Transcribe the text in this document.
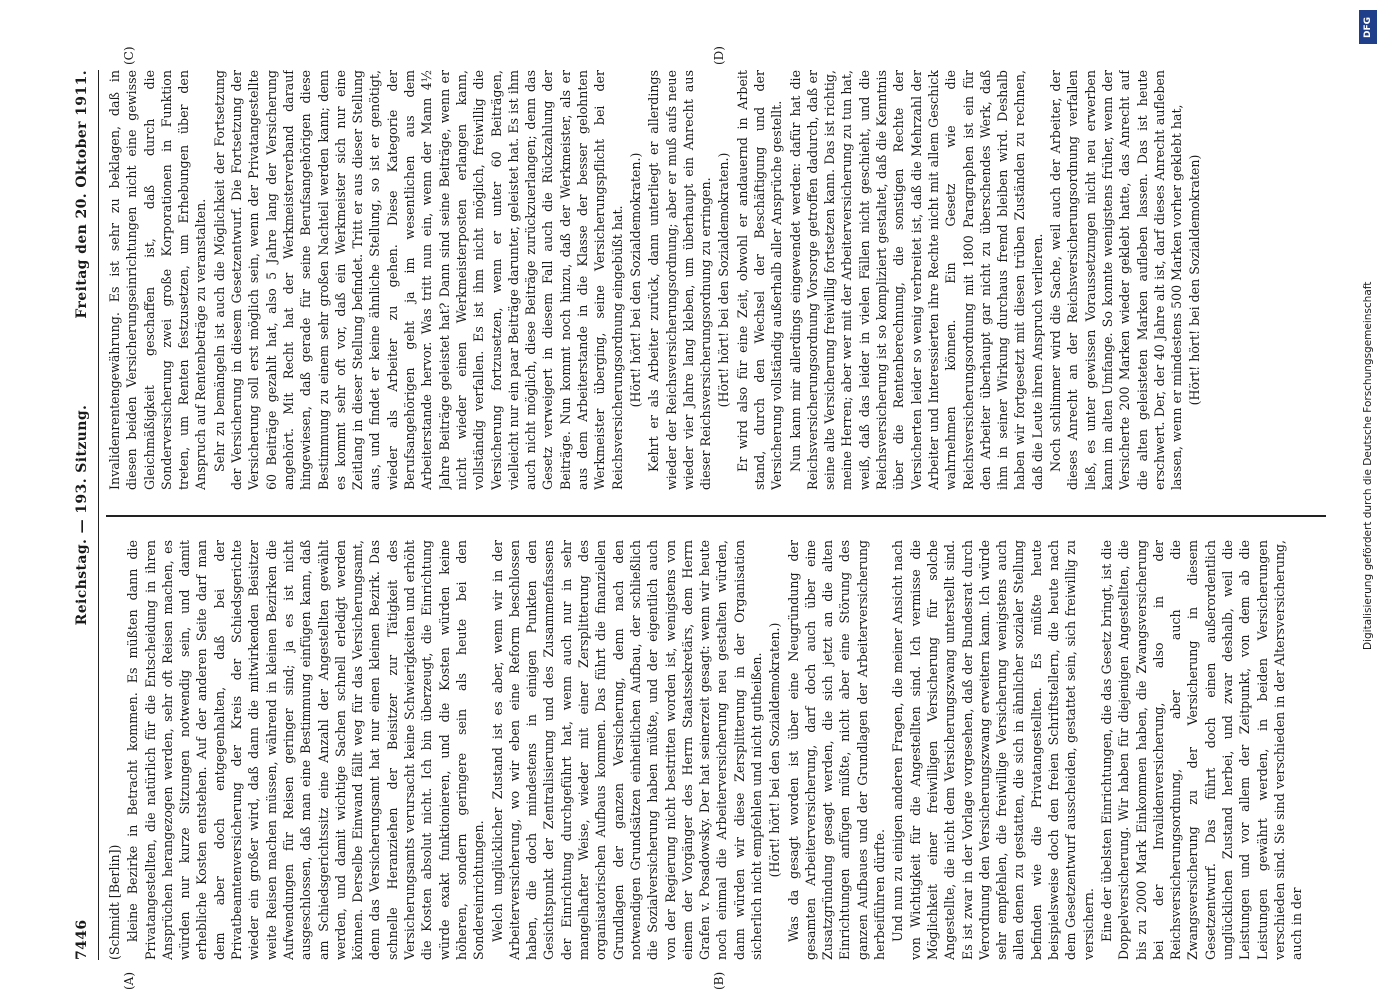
7446
Reichstag. — 193. Sitzung.
Freitag den 20. Oktober 1911.
(A)	(B)
(C)	(D)

(Schmidt [Berlin]) kleine Bezirke in Betracht kommen. Es müßten dann die Privatangestellten, die natürlich für die Entscheidung in ihren Ansprüchen herangezogen werden, sehr oft Reisen machen, es würden nur kurze Sitzungen notwendig sein, und damit erhebliche Kosten entstehen. Auf der anderen Seite darf man dem aber doch entgegenhalten, daß bei der Privatbeamtenversicherung der Kreis der Schiedsgerichte wieder ein großer wird, daß dann die mitwirkenden Beisitzer weite Reisen machen müssen, während in kleinen Bezirken die Aufwendungen für Reisen geringer sind; ja es ist nicht ausgeschlossen, daß man eine Bestimmung einfügen kann, daß am Schiedsgerichtssitz eine Anzahl der Angestellten gewählt werden, und damit wichtige Sachen schnell erledigt werden können. Derselbe Einwand fällt weg für das Versicherungsamt, denn das Versicherungsamt hat nur einen kleinen Bezirk. Das schnelle Heranziehen der Beisitzer zur Tätigkeit des Versicherungsamts verursacht keine Schwierigkeiten und erhöht die Kosten absolut nicht. Ich bin überzeugt, die Einrichtung würde exakt funktionieren, und die Kosten würden keine höheren, sondern geringere sein als heute bei den Sondereinrichtungen. Welch unglücklicher Zustand ist es aber, wenn wir in der Arbeiterversicherung, wo wir eben eine Reform beschlossen haben, die doch mindestens in einigen Punkten den Gesichtspunkt der Zentralisierung und des Zusammenfassens der Einrichtung durchgeführt hat, wenn auch nur in sehr mangelhafter Weise, wieder mit einer Zersplitterung des organisatorischen Aufbaus kommen. Das führt die finanziellen Grundlagen der ganzen Versicherung, denn nach den notwendigen Grundsätzen einheitlichen Aufbau, der schließlich die Sozialversicherung haben müßte, und der eigentlich auch von der Regierung nicht bestritten worden ist, wenigstens von einem der Vorgänger des Herrn Staatssekretärs, dem Herrn Grafen v. Posadowsky. Der hat seinerzeit gesagt: wenn wir heute noch einmal die Arbeiterversicherung neu gestalten würden, dann würden wir diese Zersplitterung in der Organisation sicherlich nicht empfehlen und nicht gutheißen. (Hört! hört! bei den Sozialdemokraten.) Was da gesagt worden ist über eine Neugründung der gesamten Arbeiterversicherung, darf doch auch über eine Zusatzgründung gesagt werden, die sich jetzt an die alten Einrichtungen anfügen müßte, nicht aber eine Störung des ganzen Aufbaues und der Grundlagen der Arbeiterversicherung herbeiführen dürfte. Und nun zu einigen anderen Fragen, die meiner Ansicht nach von Wichtigkeit für die Angestellten sind. Ich vermisse die Möglichkeit einer freiwilligen Versicherung für solche Angestellte, die nicht dem Versicherungszwang unterstellt sind. Es ist zwar in der Vorlage vorgesehen, daß der Bundesrat durch Verordnung den Versicherungszwang erweitern kann. Ich würde sehr empfehlen, die freiwillige Versicherung wenigstens auch allen denen zu gestatten, die sich in ähnlicher sozialer Stellung befinden wie die Privatangestellten. Es müßte heute beispielsweise doch den freien Schriftstellern, die heute nach dem Gesetzentwurf ausscheiden, gestattet sein, sich freiwillig zu versichern. Eine der übelsten Einrichtungen, die das Gesetz bringt, ist die Doppelversicherung. Wir haben für diejenigen Angestellten, die bis zu 2000 Mark Einkommen haben, die Zwangsversicherung bei der Invalidenversicherung, also in der Reichsversicherungsordnung, aber auch die Zwangsversicherung zu der Versicherung in diesem Gesetzentwurf. Das führt doch einen außerordentlich unglücklichen Zustand herbei, und zwar deshalb, weil die Leistungen und vor allem der Zeitpunkt, von dem ab die Leistungen gewährt werden, in beiden Versicherungen verschieden sind. Sie sind verschieden in der Altersversicherung, auch in der

Invalidenrentengewährung. Es ist sehr zu beklagen, daß in diesen beiden Versicherungseinrichtungen nicht eine gewisse Gleichmäßigkeit geschaffen ist, daß durch die Sonderversicherung zwei große Korporationen in Funktion treten, um Renten festzusetzen, um Erhebungen über den Anspruch auf Rentenbeträge zu veranstalten. Sehr zu bemängeln ist auch die Möglichkeit der Fortsetzung der Versicherung in diesem Gesetzentwurf. Die Fortsetzung der Versicherung soll erst möglich sein, wenn der Privatangestellte 60 Beiträge gezahlt hat, also 5 Jahre lang der Versicherung angehört. Mit Recht hat der Werkmeisterverband darauf hingewiesen, daß gerade für seine Berufsangehörigen diese Bestimmung zu einem sehr großen Nachteil werden kann; denn es kommt sehr oft vor, daß ein Werkmeister sich nur eine Zeitlang in dieser Stellung befindet. Tritt er aus dieser Stellung aus, und findet er keine ähnliche Stellung, so ist er genötigt, wieder als Arbeiter zu gehen. Diese Kategorie der Berufsangehörigen geht ja im wesentlichen aus dem Arbeiterstande hervor. Was tritt nun ein, wenn der Mann 4½ Jahre Beiträge geleistet hat? Dann sind seine Beiträge, wenn er nicht wieder einen Werkmeisterposten erlangen kann, vollständig verfallen. Es ist ihm nicht möglich, freiwillig die Versicherung fortzusetzen, wenn er unter 60 Beiträgen, vielleicht nur ein paar Beiträge darunter, geleistet hat. Es ist ihm auch nicht möglich, diese Beiträge zurückzuerlangen; denn das Gesetz verweigert in diesem Fall auch die Rückzahlung der Beiträge. Nun kommt noch hinzu, daß der Werkmeister, als er aus dem Arbeiterstande in die Klasse der besser gelohnten Werkmeister überging, seine Versicherungspflicht bei der Reichsversicherungsordnung eingebüßt hat. (Hört! hört! bei den Sozialdemokraten.) Kehrt er als Arbeiter zurück, dann unterliegt er allerdings wieder der Reichsversicherungsordnung; aber er muß aufs neue wieder vier Jahre lang kleben, um überhaupt ein Anrecht aus dieser Reichsversicherungsordnung zu erringen. (Hört! hört! bei den Sozialdemokraten.) Er wird also für eine Zeit, obwohl er andauernd in Arbeit stand, durch den Wechsel der Beschäftigung und der Versicherung vollständig außerhalb aller Ansprüche gestellt. Nun kann mir allerdings eingewendet werden: dafür hat die Reichsversicherungsordnung Vorsorge getroffen dadurch, daß er seine alte Versicherung freiwillig fortsetzen kann. Das ist richtig, meine Herren; aber wer mit der Arbeiterversicherung zu tun hat, weiß, daß das leider in vielen Fällen nicht geschieht, und die Reichsversicherung ist so kompliziert gestaltet, daß die Kenntnis über die Rentenberechnung, die sonstigen Rechte der Versicherten leider so wenig verbreitet ist, daß die Mehrzahl der Arbeiter und Interessierten ihre Rechte nicht mit allem Geschick wahrnehmen können. Ein Gesetz wie die Reichsversicherungsordnung mit 1800 Paragraphen ist ein für den Arbeiter überhaupt gar nicht zu überschendes Werk, daß ihm in seiner Wirkung durchaus fremd bleiben wird. Deshalb haben wir fortgesetzt mit diesen trüben Zuständen zu rechnen, daß die Leute ihren Anspruch verlieren. Noch schlimmer wird die Sache, weil auch der Arbeiter, der dieses Anrecht an der Reichsversicherungsordnung verfallen ließ, es unter gewissen Voraussetzungen nicht neu erwerben kann im alten Umfange. So konnte wenigstens früher, wenn der Versicherte 200 Marken wieder geklebt hatte, das Anrecht auf die alten geleisteten Marken aufleben lassen. Das ist heute erschwert. Der, der 40 Jahre alt ist, darf dieses Anrecht aufleben lassen, wenn er mindestens 500 Marken vorher geklebt hat, (Hört! hört! bei den Sozialdemokraten)

DFG
Digitalisierung gefördert durch die Deutsche Forschungsgemeinschaft
